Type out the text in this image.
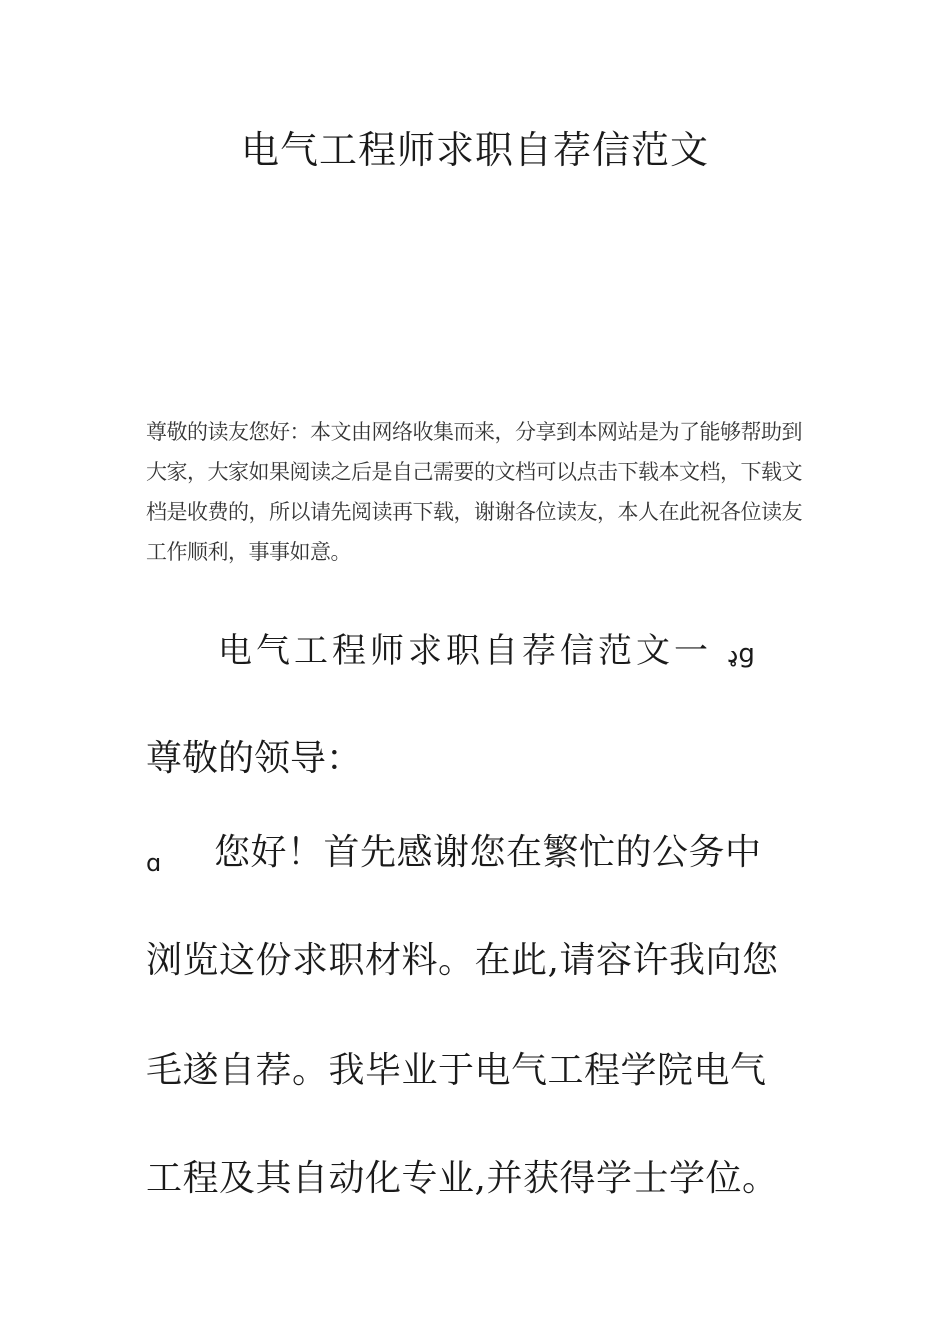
电气工程师求职自荐信范文
尊敬的读友您好：本文由网络收集而来，分享到本网站是为了能够帮助到大家，大家如果阅读之后是自己需要的文档可以点击下载本文档，下载文档是收费的，所以请先阅读再下载，谢谢各位读友，本人在此祝各位读友工作顺利，事事如意。
电气工程师求职自荐信范文一 ډg
尊敬的领导：
ɑ 您好！首先感谢您在繁忙的公务中
浏览这份求职材料。在此,请容许我向您
毛遂自荐。我毕业于电气工程学院电气
工程及其自动化专业,并获得学士学位。
